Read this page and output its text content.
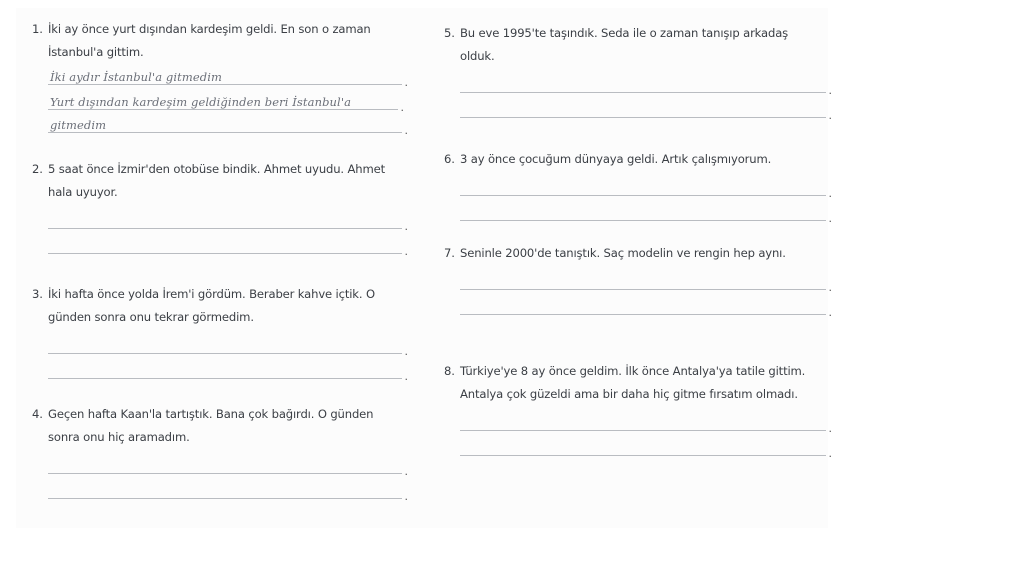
1. İki ay önce yurt dışından kardeşim geldi. En son o zaman İstanbul'a gittim.
İki aydır İstanbul'a gitmedim
.
Yurt dışından kardeşim geldiğinden beri İstanbul'a
.
gitmedim
.
2. 5 saat önce İzmir'den otobüse bindik. Ahmet uyudu. Ahmet hala uyuyor.
.
.
3. İki hafta önce yolda İrem'i gördüm. Beraber kahve içtik. O günden sonra onu tekrar görmedim.
.
.
4. Geçen hafta Kaan'la tartıştık. Bana çok bağırdı. O günden sonra onu hiç aramadım.
.
.
5. Bu eve 1995'te taşındık. Seda ile o zaman tanışıp arkadaş olduk.
.
.
6. 3 ay önce çocuğum dünyaya geldi. Artık çalışmıyorum.
.
.
7. Seninle 2000'de tanıştık. Saç modelin ve rengin hep aynı.
.
.
8. Türkiye'ye 8 ay önce geldim. İlk önce Antalya'ya tatile gittim. Antalya çok güzeldi ama bir daha hiç gitme fırsatım olmadı.
.
.
